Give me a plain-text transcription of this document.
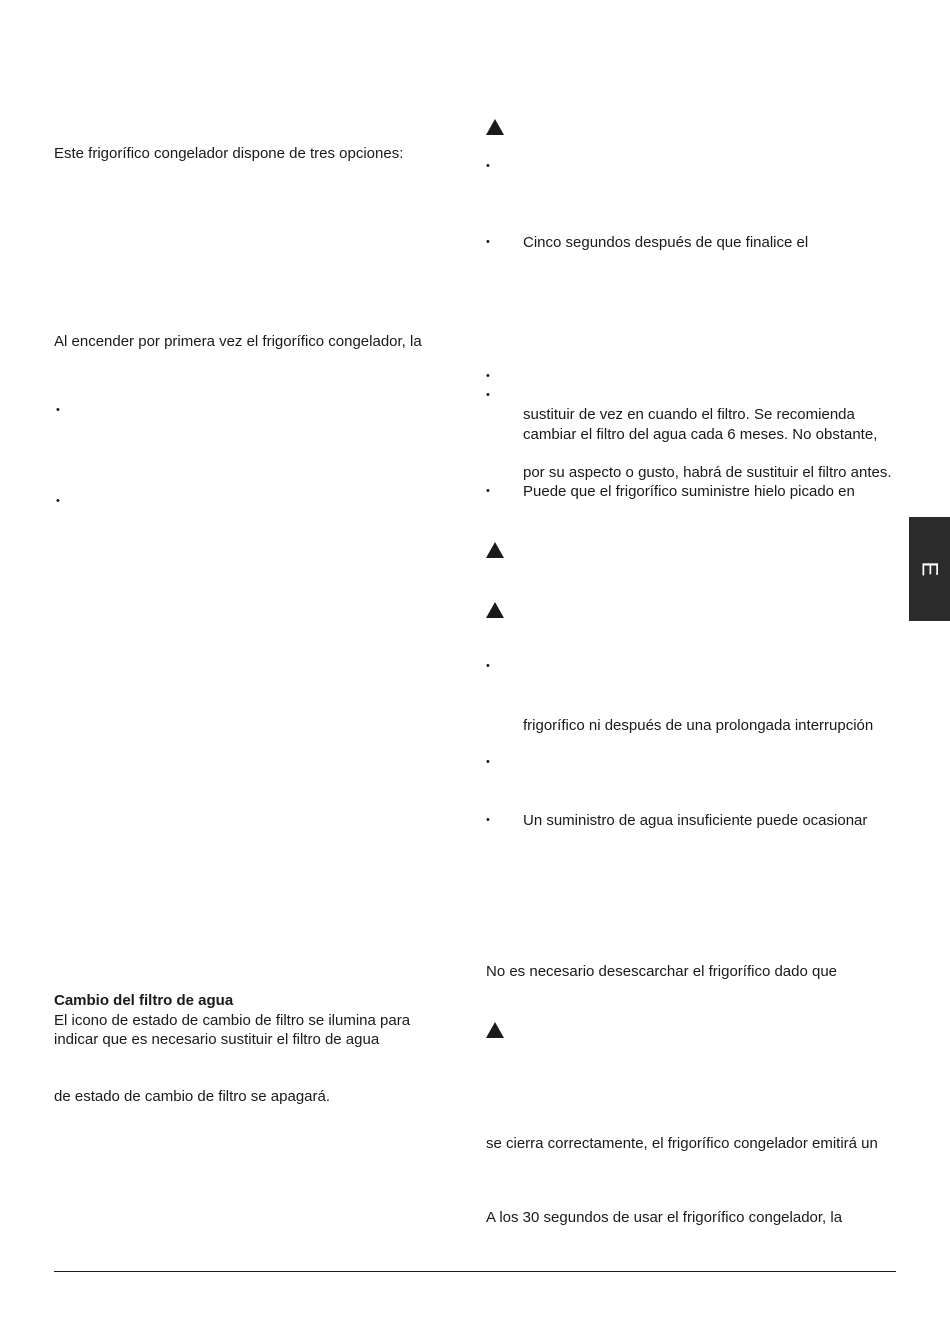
Este frigorífico congelador dispone de tres opciones:
Al encender por primera vez el frigorífico congelador, la
•
•
Cambio del filtro de agua
El icono de estado de cambio de filtro se ilumina para
indicar que es necesario sustituir el filtro de agua
de estado de cambio de filtro se apagará.
•
• Cinco segundos después de que finalice el
•
•
sustituir de vez en cuando el filtro. Se recomienda
cambiar el filtro del agua cada 6 meses. No obstante,
por su aspecto o gusto, habrá de sustituir el filtro antes.
• Puede que el frigorífico suministre hielo picado en
•
frigorífico ni después de una prolongada interrupción
•
• Un suministro de agua insuficiente puede ocasionar
No es necesario desescarchar el frigorífico dado que
se cierra correctamente, el frigorífico congelador emitirá un
A los 30 segundos de usar el frigorífico congelador, la
E
